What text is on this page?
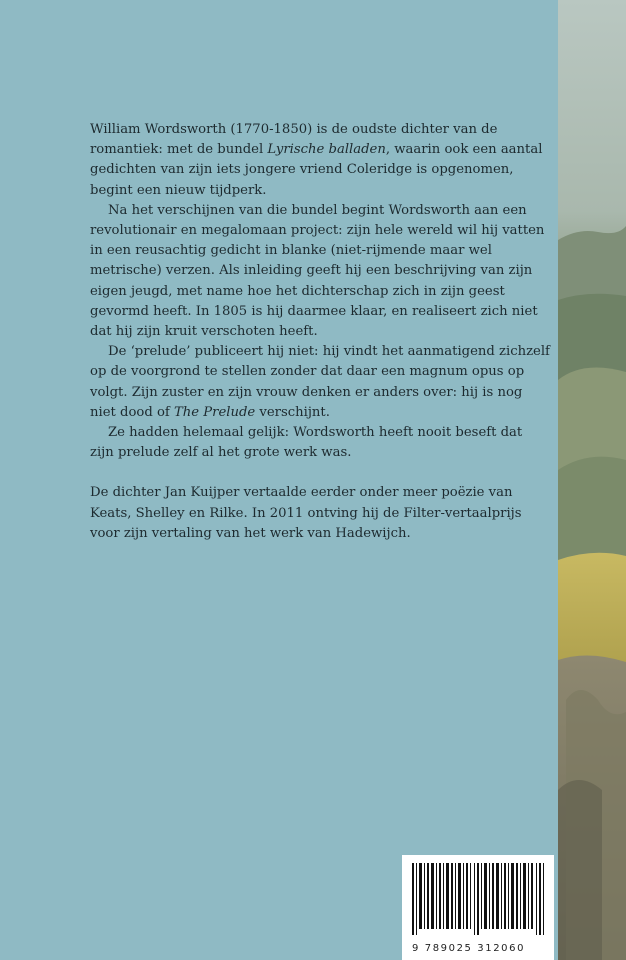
William Wordsworth (1770-1850) is de oudste dichter van de romantiek: met de bundel Lyrische balladen, waarin ook een aantal gedichten van zijn iets jongere vriend Coleridge is opgenomen, begint een nieuw tijdperk.

Na het verschijnen van die bundel begint Wordsworth aan een revolutionair en megalomaan project: zijn hele wereld wil hij vatten in een reusachtig gedicht in blanke (niet-rijmende maar wel metrische) verzen. Als inleiding geeft hij een beschrijving van zijn eigen jeugd, met name hoe het dichterschap zich in zijn geest gevormd heeft. In 1805 is hij daarmee klaar, en realiseert zich niet dat hij zijn kruit verschoten heeft.

De ‘prelude’ publiceert hij niet: hij vindt het aanmatigend zichzelf op de voorgrond te stellen zonder dat daar een magnum opus op volgt. Zijn zuster en zijn vrouw denken er anders over: hij is nog niet dood of The Prelude verschijnt.

Ze hadden helemaal gelijk: Wordsworth heeft nooit beseft dat zijn prelude zelf al het grote werk was.

De dichter Jan Kuijper vertaalde eerder onder meer poëzie van Keats, Shelley en Rilke. In 2011 ontving hij de Filter-vertaalprijs voor zijn vertaling van het werk van Hadewijch.

9 789025 312060
